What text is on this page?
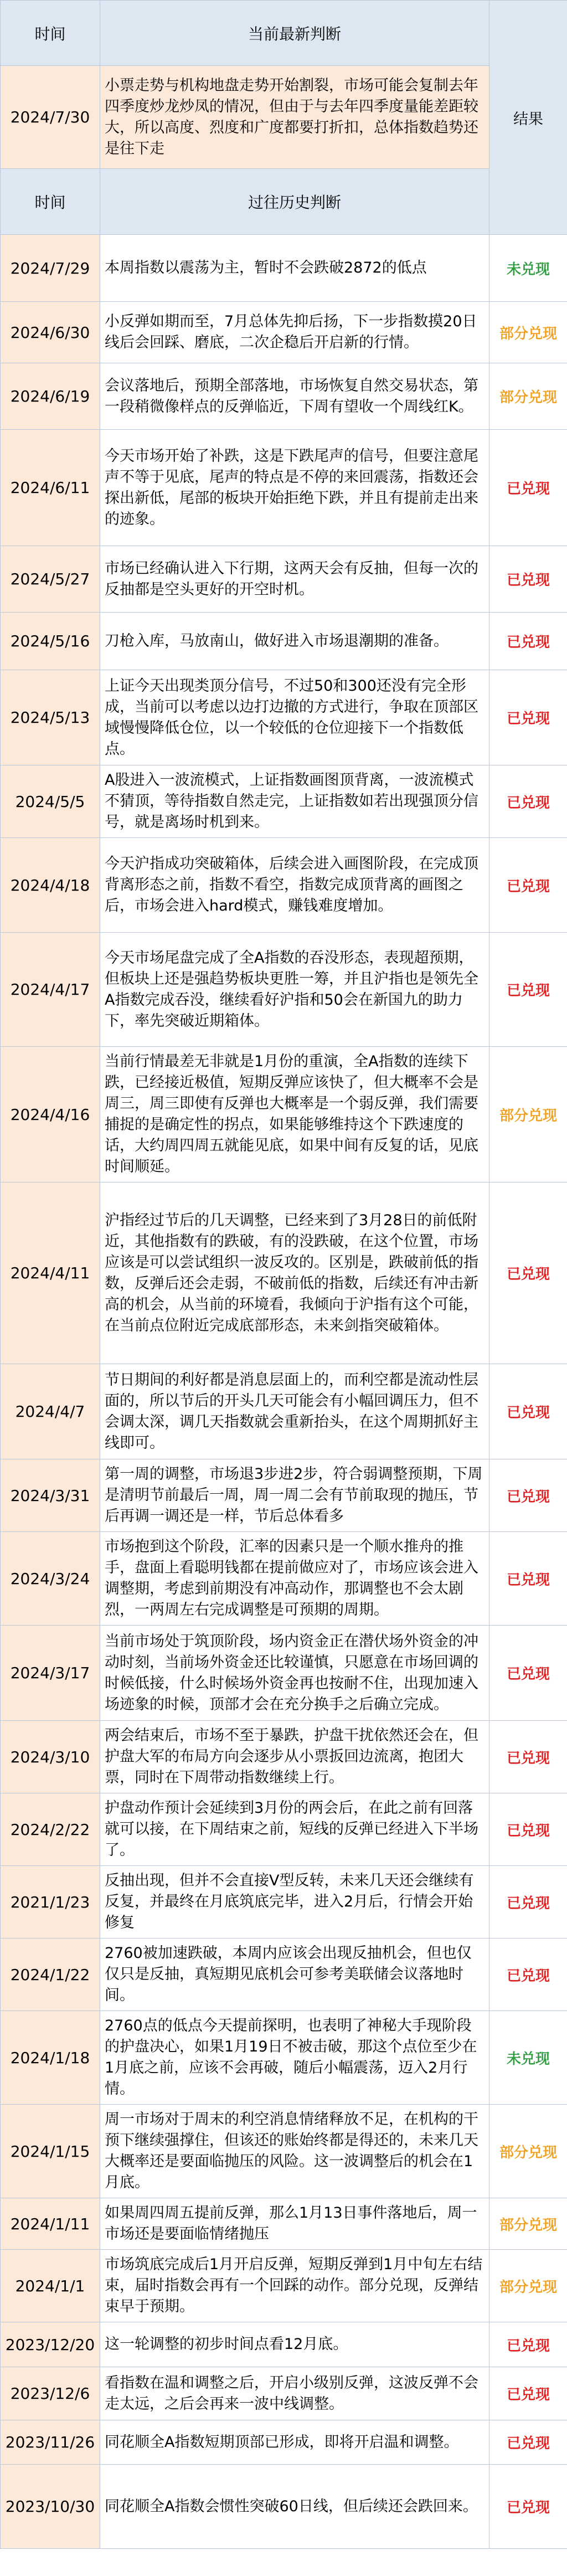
时间	当前最新判断	结果
2024/7/30	小票走势与机构地盘走势开始割裂，市场可能会复制去年四季度炒龙炒凤的情况，但由于与去年四季度量能差距较大，所以高度、烈度和广度都要打折扣，总体指数趋势还是往下走	
时间	过往历史判断	
2024/7/29	本周指数以震荡为主，暂时不会跌破2872的低点	未兑现
2024/6/30	小反弹如期而至，7月总体先抑后扬，下一步指数摸20日线后会回踩、磨底，二次企稳后开启新的行情。	部分兑现
2024/6/19	会议落地后，预期全部落地，市场恢复自然交易状态，第一段稍微像样点的反弹临近，下周有望收一个周线红K。	部分兑现
2024/6/11	今天市场开始了补跌，这是下跌尾声的信号，但要注意尾声不等于见底，尾声的特点是不停的来回震荡，指数还会探出新低，尾部的板块开始拒绝下跌，并且有提前走出来的迹象。	已兑现
2024/5/27	市场已经确认进入下行期，这两天会有反抽，但每一次的反抽都是空头更好的开空时机。	已兑现
2024/5/16	刀枪入库，马放南山，做好进入市场退潮期的准备。	已兑现
2024/5/13	上证今天出现类顶分信号，不过50和300还没有完全形成，当前可以考虑以边打边撤的方式进行，争取在顶部区域慢慢降低仓位，以一个较低的仓位迎接下一个指数低点。	已兑现
2024/5/5	A股进入一波流模式，上证指数画图顶背离，一波流模式不猜顶，等待指数自然走完，上证指数如若出现强顶分信号，就是离场时机到来。	已兑现
2024/4/18	今天沪指成功突破箱体，后续会进入画图阶段，在完成顶背离形态之前，指数不看空，指数完成顶背离的画图之后，市场会进入hard模式，赚钱难度增加。	已兑现
2024/4/17	今天市场尾盘完成了全A指数的吞没形态，表现超预期，但板块上还是强趋势板块更胜一筹，并且沪指也是领先全A指数完成吞没，继续看好沪指和50会在新国九的助力下，率先突破近期箱体。	已兑现
2024/4/16	当前行情最差无非就是1月份的重演，全A指数的连续下跌，已经接近极值，短期反弹应该快了，但大概率不会是周三，周三即使有反弹也大概率是一个弱反弹，我们需要捕捉的是确定性的拐点，如果能够维持这个下跌速度的话，大约周四周五就能见底，如果中间有反复的话，见底时间顺延。	部分兑现
2024/4/11	沪指经过节后的几天调整，已经来到了3月28日的前低附近，其他指数有的跌破，有的没跌破，在这个位置，市场应该是可以尝试组织一波反攻的。区别是，跌破前低的指数，反弹后还会走弱，不破前低的指数，后续还有冲击新高的机会，从当前的环境看，我倾向于沪指有这个可能，在当前点位附近完成底部形态，未来剑指突破箱体。	已兑现
2024/4/7	节日期间的利好都是消息层面上的，而利空都是流动性层面的，所以节后的开头几天可能会有小幅回调压力，但不会调太深，调几天指数就会重新抬头，在这个周期抓好主线即可。	已兑现
2024/3/31	第一周的调整，市场退3步进2步，符合弱调整预期，下周是清明节前最后一周，周一周二会有节前取现的抛压，节后再调一调还是一样，节后总体看多	已兑现
2024/3/24	市场抱到这个阶段，汇率的因素只是一个顺水推舟的推手，盘面上看聪明钱都在提前做应对了，市场应该会进入调整期，考虑到前期没有冲高动作，那调整也不会太剧烈，一两周左右完成调整是可预期的周期。	已兑现
2024/3/17	当前市场处于筑顶阶段，场内资金正在潜伏场外资金的冲动时刻，当前场外资金还比较谨慎，只愿意在市场回调的时候低接，什么时候场外资金再也按耐不住，出现加速入场迹象的时候，顶部才会在充分换手之后确立完成。	已兑现
2024/3/10	两会结束后，市场不至于暴跌，护盘干扰依然还会在，但护盘大军的布局方向会逐步从小票扳回边流离，抱团大票，同时在下周带动指数继续上行。	已兑现
2024/2/22	护盘动作预计会延续到3月份的两会后，在此之前有回落就可以接，在下周结束之前，短线的反弹已经进入下半场了。	已兑现
2021/1/23	反抽出现，但并不会直接V型反转，未来几天还会继续有反复，并最终在月底筑底完毕，进入2月后，行情会开始修复	已兑现
2024/1/22	2760被加速跌破，本周内应该会出现反抽机会，但也仅仅只是反抽，真短期见底机会可参考美联储会议落地时间。	已兑现
2024/1/18	2760点的低点今天提前探明，也表明了神秘大手现阶段的护盘决心，如果1月19日不被击破，那这个点位至少在1月底之前，应该不会再破，随后小幅震荡，迈入2月行情。	未兑现
2024/1/15	周一市场对于周末的利空消息情绪释放不足，在机构的干预下继续强撑住，但该还的账始终都是得还的，未来几天大概率还是要面临抛压的风险。这一波调整后的机会在1月底。	部分兑现
2024/1/11	如果周四周五提前反弹，那么1月13日事件落地后，周一市场还是要面临情绪抛压	部分兑现
2024/1/1	市场筑底完成后1月开启反弹，短期反弹到1月中旬左右结束，届时指数会再有一个回踩的动作。部分兑现，反弹结束早于预期。	部分兑现
2023/12/20	这一轮调整的初步时间点看12月底。	已兑现
2023/12/6	看指数在温和调整之后，开启小级别反弹，这波反弹不会走太远，之后会再来一波中线调整。	已兑现
2023/11/26	同花顺全A指数短期顶部已形成，即将开启温和调整。	已兑现
2023/10/30	同花顺全A指数会惯性突破60日线，但后续还会跌回来。	已兑现
